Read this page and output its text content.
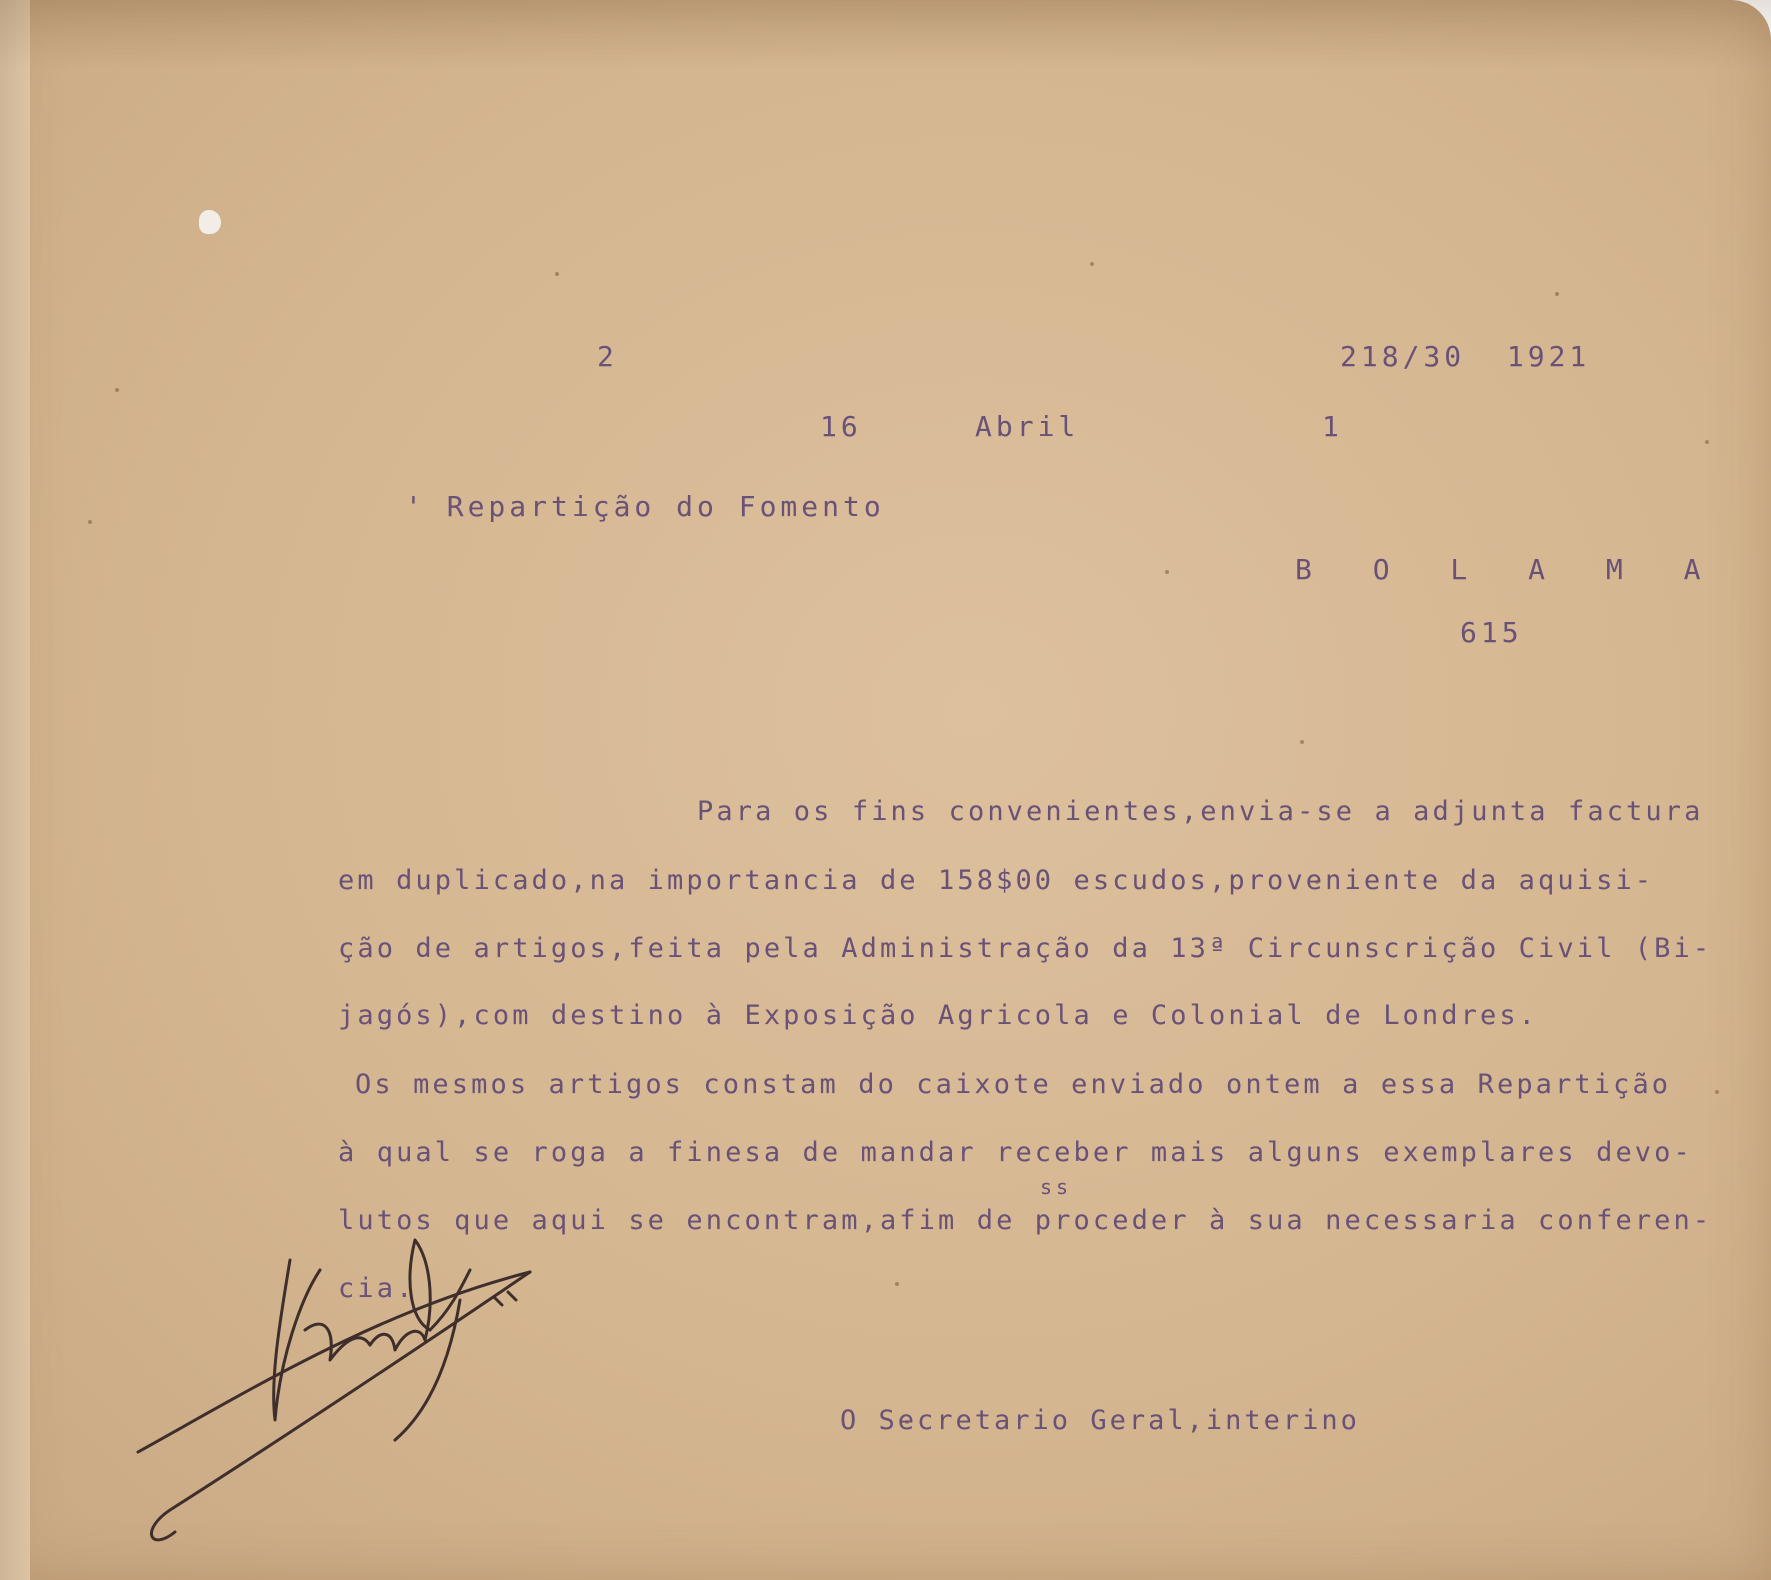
2	218/30  1921
16	Abril	1
' Repartição do Fomento
B O L A M A
615
Para os fins convenientes,envia-se a adjunta factura
em duplicado,na importancia de 158$00 escudos,proveniente da aquisi-
ção de artigos,feita pela Administração da 13ª Circunscrição Civil (Bi-
jagós),com destino à Exposição Agricola e Colonial de Londres.
Os mesmos artigos constam do caixote enviado ontem a essa Repartição
à qual se roga a finesa de mandar receber mais alguns exemplares devo-
ss
lutos que aqui se encontram,afim de proceder à sua necessaria conferen-
cia.
O Secretario Geral,interino
